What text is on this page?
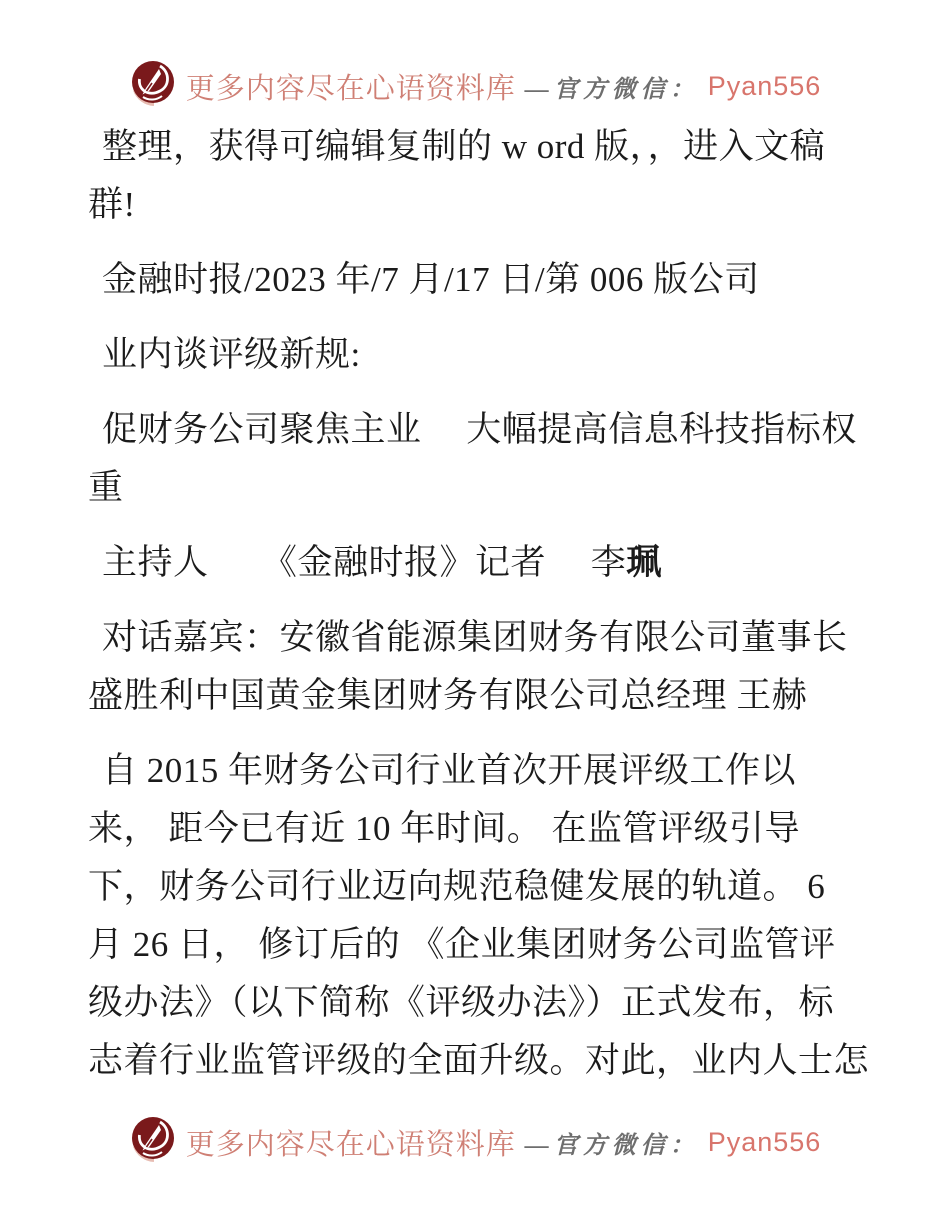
更多内容尽在心语资料库 —官方微信： Pyan556
整理，获得可编辑复制的 w ord 版，，进入文稿
群!
金融时报/2023 年/7 月/17 日/第 006 版公司
业内谈评级新规:
促财务公司聚焦主业　 大幅提高信息科技指标权
重
主持人　　《金融时报》记者　 李珮
对话嘉宾：安徽省能源集团财务有限公司董事长
盛胜利中国黄金集团财务有限公司总经理 王赫
自 2015 年财务公司行业首次开展评级工作以
来， 距今已有近 10 年时间。 在监管评级引导
下，财务公司行业迈向规范稳健发展的轨道。 6
月 26 日， 修订后的 《企业集团财务公司监管评
级办法》（以下简称《评级办法》）正式发布，标
志着行业监管评级的全面升级。对此，业内人士怎
更多内容尽在心语资料库 —官方微信： Pyan556
